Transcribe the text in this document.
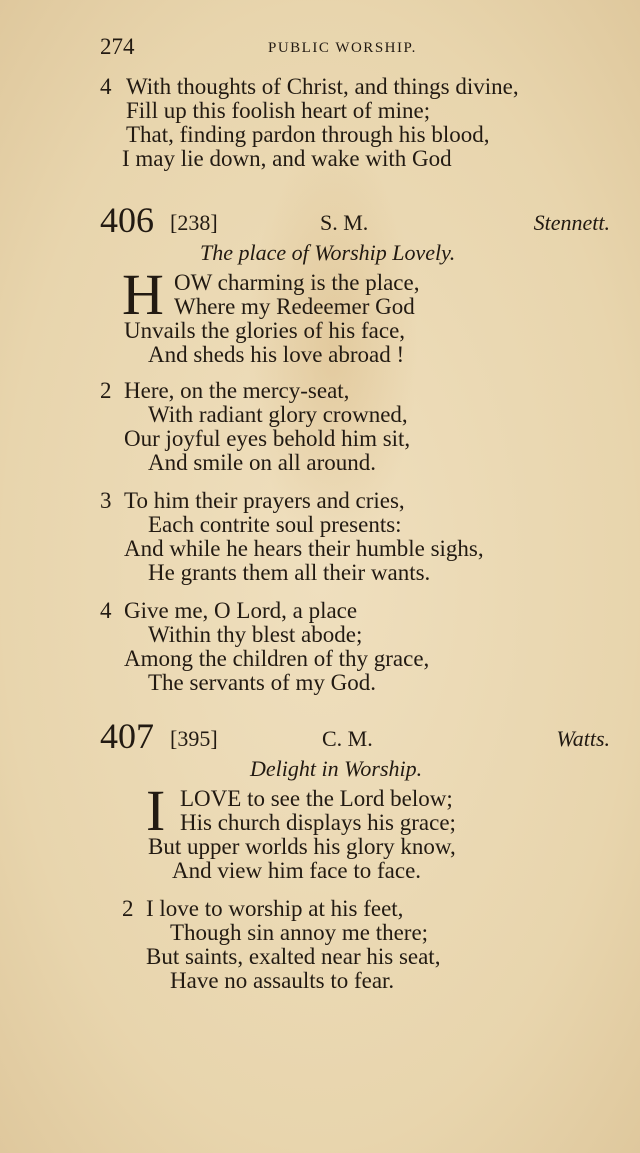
274	PUBLIC WORSHIP.
4 With thoughts of Christ, and things divine,
Fill up this foolish heart of mine;
That, finding pardon through his blood,
I may lie down, and wake with God
406 [238]	S. M.	Stennett.
The place of Worship Lovely.
H OW charming is the place,
Where my Redeemer God
Unvails the glories of his face,
And sheds his love abroad !
2 Here, on the mercy-seat,
With radiant glory crowned,
Our joyful eyes behold him sit,
And smile on all around.
3 To him their prayers and cries,
Each contrite soul presents:
And while he hears their humble sighs,
He grants them all their wants.
4 Give me, O Lord, a place
Within thy blest abode;
Among the children of thy grace,
The servants of my God.
407 [395]	C. M.	Watts.
Delight in Worship.
I LOVE to see the Lord below;
His church displays his grace;
But upper worlds his glory know,
And view him face to face.
2 I love to worship at his feet,
Though sin annoy me there;
But saints, exalted near his seat,
Have no assaults to fear.
